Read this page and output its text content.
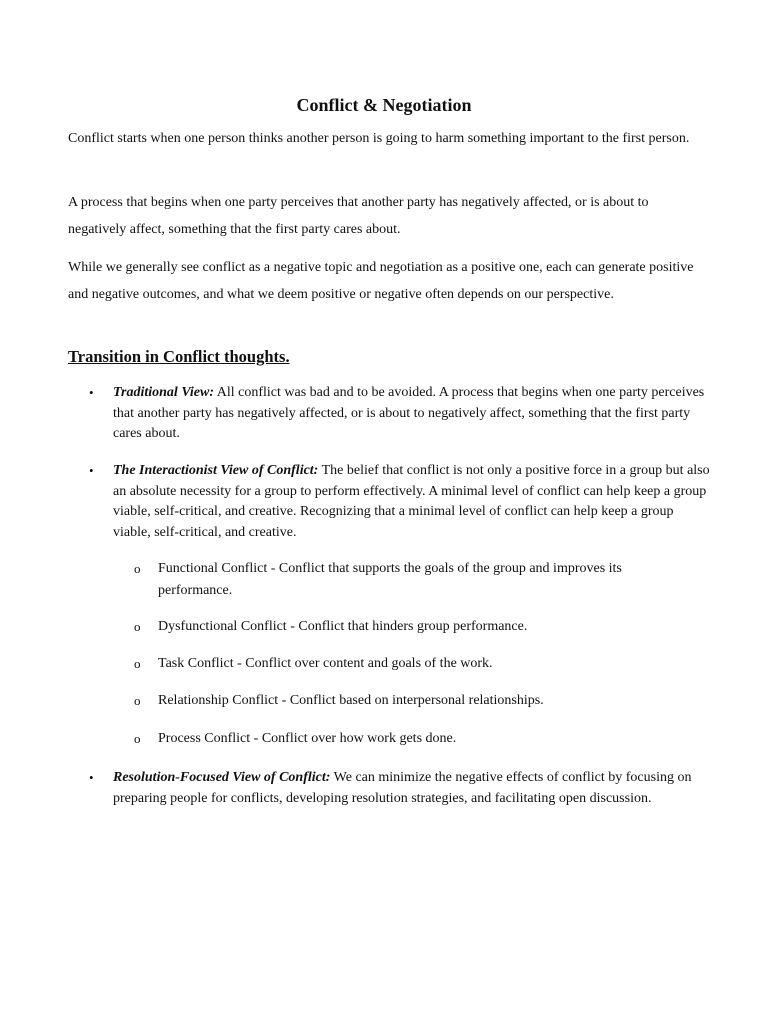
Conflict & Negotiation
Conflict starts when one person thinks another person is going to harm something important to the first person.
A process that begins when one party perceives that another party has negatively affected, or is about to negatively affect, something that the first party cares about.
While we generally see conflict as a negative topic and negotiation as a positive one, each can generate positive and negative outcomes, and what we deem positive or negative often depends on our perspective.
Transition in Conflict thoughts.
• Traditional View: All conflict was bad and to be avoided. A process that begins when one party perceives that another party has negatively affected, or is about to negatively affect, something that the first party cares about.
• The Interactionist View of Conflict: The belief that conflict is not only a positive force in a group but also an absolute necessity for a group to perform effectively. A minimal level of conflict can help keep a group viable, self-critical, and creative. Recognizing that a minimal level of conflict can help keep a group viable, self-critical, and creative.
o Functional Conflict - Conflict that supports the goals of the group and improves its performance.
o Dysfunctional Conflict - Conflict that hinders group performance.
o Task Conflict - Conflict over content and goals of the work.
o Relationship Conflict - Conflict based on interpersonal relationships.
o Process Conflict - Conflict over how work gets done.
• Resolution-Focused View of Conflict: We can minimize the negative effects of conflict by focusing on preparing people for conflicts, developing resolution strategies, and facilitating open discussion.
